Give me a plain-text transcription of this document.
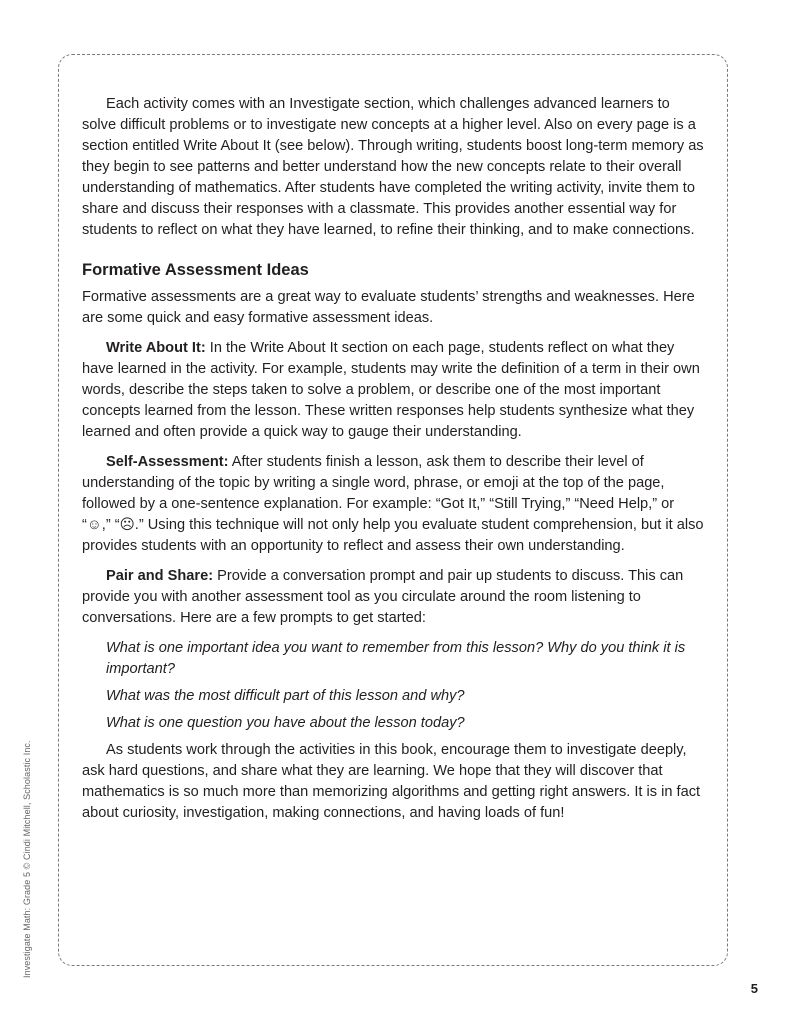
Each activity comes with an Investigate section, which challenges advanced learners to solve difficult problems or to investigate new concepts at a higher level. Also on every page is a section entitled Write About It (see below). Through writing, students boost long-term memory as they begin to see patterns and better understand how the new concepts relate to their overall understanding of mathematics. After students have completed the writing activity, invite them to share and discuss their responses with a classmate. This provides another essential way for students to reflect on what they have learned, to refine their thinking, and to make connections.

Formative Assessment Ideas

Formative assessments are a great way to evaluate students’ strengths and weaknesses. Here are some quick and easy formative assessment ideas.

Write About It: In the Write About It section on each page, students reflect on what they have learned in the activity. For example, students may write the definition of a term in their own words, describe the steps taken to solve a problem, or describe one of the most important concepts learned from the lesson. These written responses help students synthesize what they learned and often provide a quick way to gauge their understanding.

Self-Assessment: After students finish a lesson, ask them to describe their level of understanding of the topic by writing a single word, phrase, or emoji at the top of the page, followed by a one-sentence explanation. For example: “Got It,” “Still Trying,” “Need Help,” or “☺,” “☹.” Using this technique will not only help you evaluate student comprehension, but it also provides students with an opportunity to reflect and assess their own understanding.

Pair and Share: Provide a conversation prompt and pair up students to discuss. This can provide you with another assessment tool as you circulate around the room listening to conversations. Here are a few prompts to get started:

What is one important idea you want to remember from this lesson? Why do you think it is important?

What was the most difficult part of this lesson and why?

What is one question you have about the lesson today?

As students work through the activities in this book, encourage them to investigate deeply, ask hard questions, and share what they are learning. We hope that they will discover that mathematics is so much more than memorizing algorithms and getting right answers. It is in fact about curiosity, investigation, making connections, and having loads of fun!

Investigate Math: Grade 5 © Cindi Mitchell, Scholastic Inc.
5
